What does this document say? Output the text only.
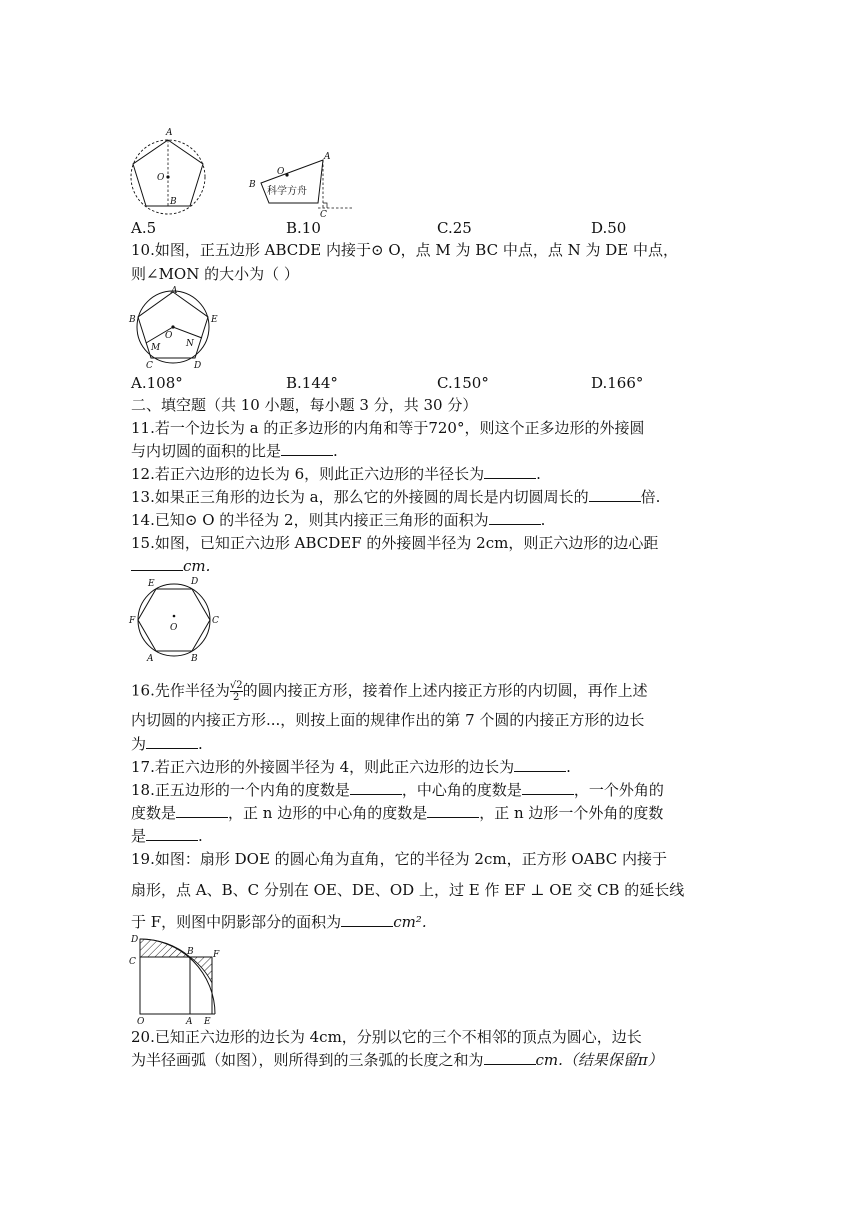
A
O
B
O
A
B
C
科学方舟
A.5	B.10	C.25	D.50
10.如图，正五边形 ABCDE 内接于⊙ O，点 M 为 BC 中点，点 N 为 DE 中点，
则∠MON 的大小为（ ）
A
B	E
O
M	N
C	D
A.108°	B.144°	C.150°	D.166°
二、填空题（共 10 小题，每小题 3 分，共 30 分）
11.若一个边长为 a 的正多边形的内角和等于720°，则这个正多边形的外接圆
与内切圆的面积的比是	.
12.若正六边形的边长为 6，则此正六边形的半径长为	.
13.如果正三角形的边长为 a，那么它的外接圆的周长是内切圆周长的	倍.
14.已知⊙ O 的半径为 2，则其内接正三角形的面积为	.
15.如图，已知正六边形 ABCDEF 的外接圆半径为 2cm，则正六边形的边心距
cm.
E	D
F
O
C
A	B
16.先作半径为 $\frac{√2}{2}$ 的圆内接正方形，接着作上述内接正方形的内切圆，再作上述
内切圆的内接正方形...，则按上面的规律作出的第 7 个圆的内接正方形的边长
为	.
17.若正六边形的外接圆半径为 4，则此正六边形的边长为	.
18.正五边形的一个内角的度数是	，中心角的度数是	，一个外角的
度数是	，正 n 边形的中心角的度数是	，正 n 边形一个外角的度数
是	.
19.如图：扇形 DOE 的圆心角为直角，它的半径为 2cm，正方形 OABC 内接于
扇形，点 A、B、C 分别在 OE、DE、OD 上，过 E 作 EF ⊥ OE 交 CB 的延长线
于 F，则图中阴影部分的面积为	cm².
D
C
B F
O	A E
20.已知正六边形的边长为 4cm，分别以它的三个不相邻的顶点为圆心，边长
为半径画弧（如图），则所得到的三条弧的长度之和为	cm.（结果保留π）
